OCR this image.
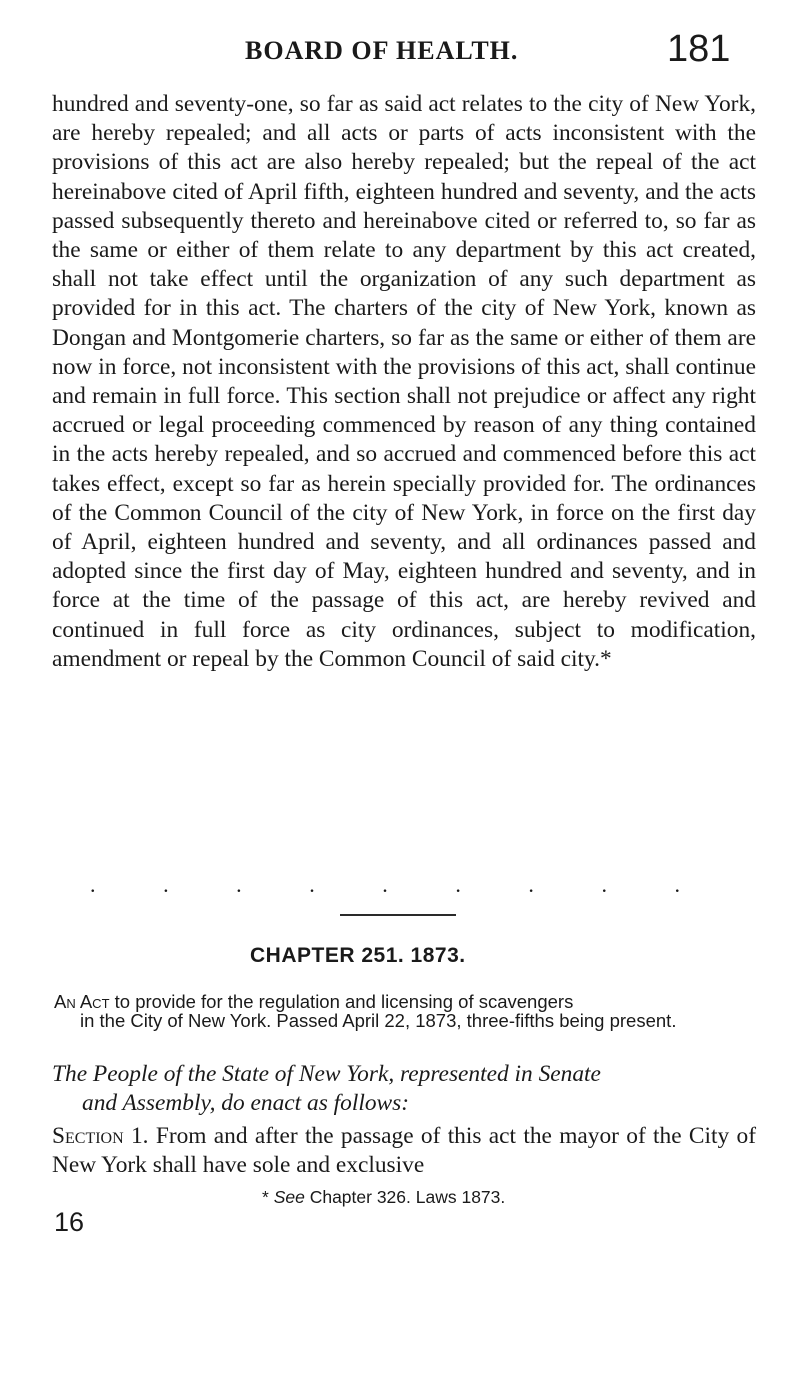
BOARD OF HEALTH.	181

hundred and seventy-one, so far as said act relates to the city of New York, are hereby repealed; and all acts or parts of acts inconsistent with the provisions of this act are also hereby repealed; but the repeal of the act hereinabove cited of April fifth, eighteen hundred and seventy, and the acts passed subsequently thereto and hereinabove cited or referred to, so far as the same or either of them relate to any department by this act created, shall not take effect until the organization of any such department as provided for in this act. The charters of the city of New York, known as Dongan and Montgomerie charters, so far as the same or either of them are now in force, not inconsistent with the provisions of this act, shall continue and remain in full force. This section shall not prejudice or affect any right accrued or legal proceeding commenced by reason of any thing contained in the acts hereby repealed, and so accrued and commenced before this act takes effect, except so far as herein specially provided for. The ordinances of the Common Council of the city of New York, in force on the first day of April, eighteen hundred and seventy, and all ordinances passed and adopted since the first day of May, eighteen hundred and seventy, and in force at the time of the passage of this act, are hereby revived and continued in full force as city ordinances, subject to modification, amendment or repeal by the Common Council of said city.*

.	.	.	.	.	.	.	.	.
CHAPTER 251. 1873.

An Act to provide for the regulation and licensing of scavengers
in the City of New York. Passed April 22, 1873, three-fifths being present.

The People of the State of New York, represented in Senate
and Assembly, do enact as follows:

Section 1. From and after the passage of this act the mayor of the City of New York shall have sole and exclusive

* See Chapter 326. Laws 1873.
16
